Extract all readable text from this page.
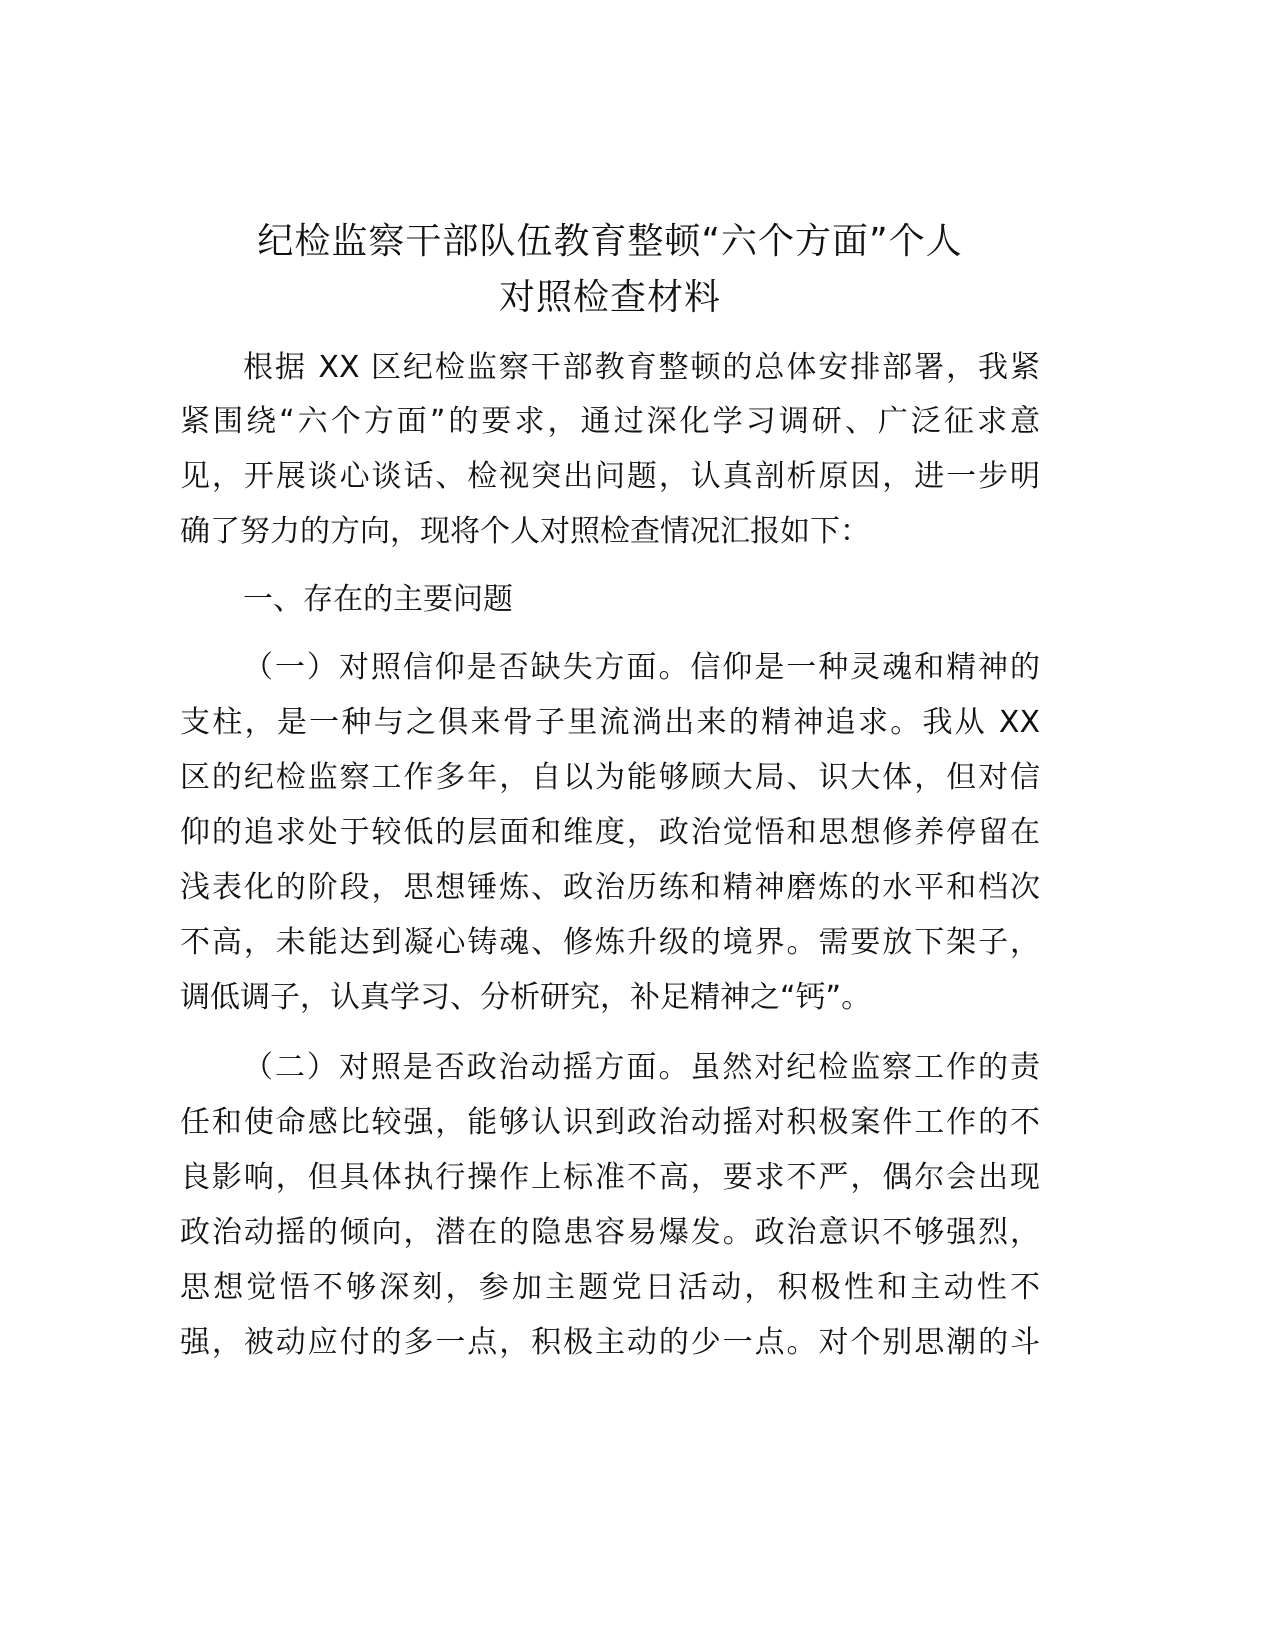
纪检监察干部队伍教育整顿“六个方面”个人
对照检查材料
根据 XX 区纪检监察干部教育整顿的总体安排部署，我紧
紧围绕“六个方面”的要求，通过深化学习调研、广泛征求意
见，开展谈心谈话、检视突出问题，认真剖析原因，进一步明
确了努力的方向，现将个人对照检查情况汇报如下：
一、存在的主要问题
（一）对照信仰是否缺失方面。信仰是一种灵魂和精神的
支柱，是一种与之俱来骨子里流淌出来的精神追求。我从 XX
区的纪检监察工作多年，自以为能够顾大局、识大体，但对信
仰的追求处于较低的层面和维度，政治觉悟和思想修养停留在
浅表化的阶段，思想锤炼、政治历练和精神磨炼的水平和档次
不高，未能达到凝心铸魂、修炼升级的境界。需要放下架子，
调低调子，认真学习、分析研究，补足精神之“钙”。
（二）对照是否政治动摇方面。虽然对纪检监察工作的责
任和使命感比较强，能够认识到政治动摇对积极案件工作的不
良影响，但具体执行操作上标准不高，要求不严，偶尔会出现
政治动摇的倾向，潜在的隐患容易爆发。政治意识不够强烈，
思想觉悟不够深刻，参加主题党日活动，积极性和主动性不
强，被动应付的多一点，积极主动的少一点。对个别思潮的斗
